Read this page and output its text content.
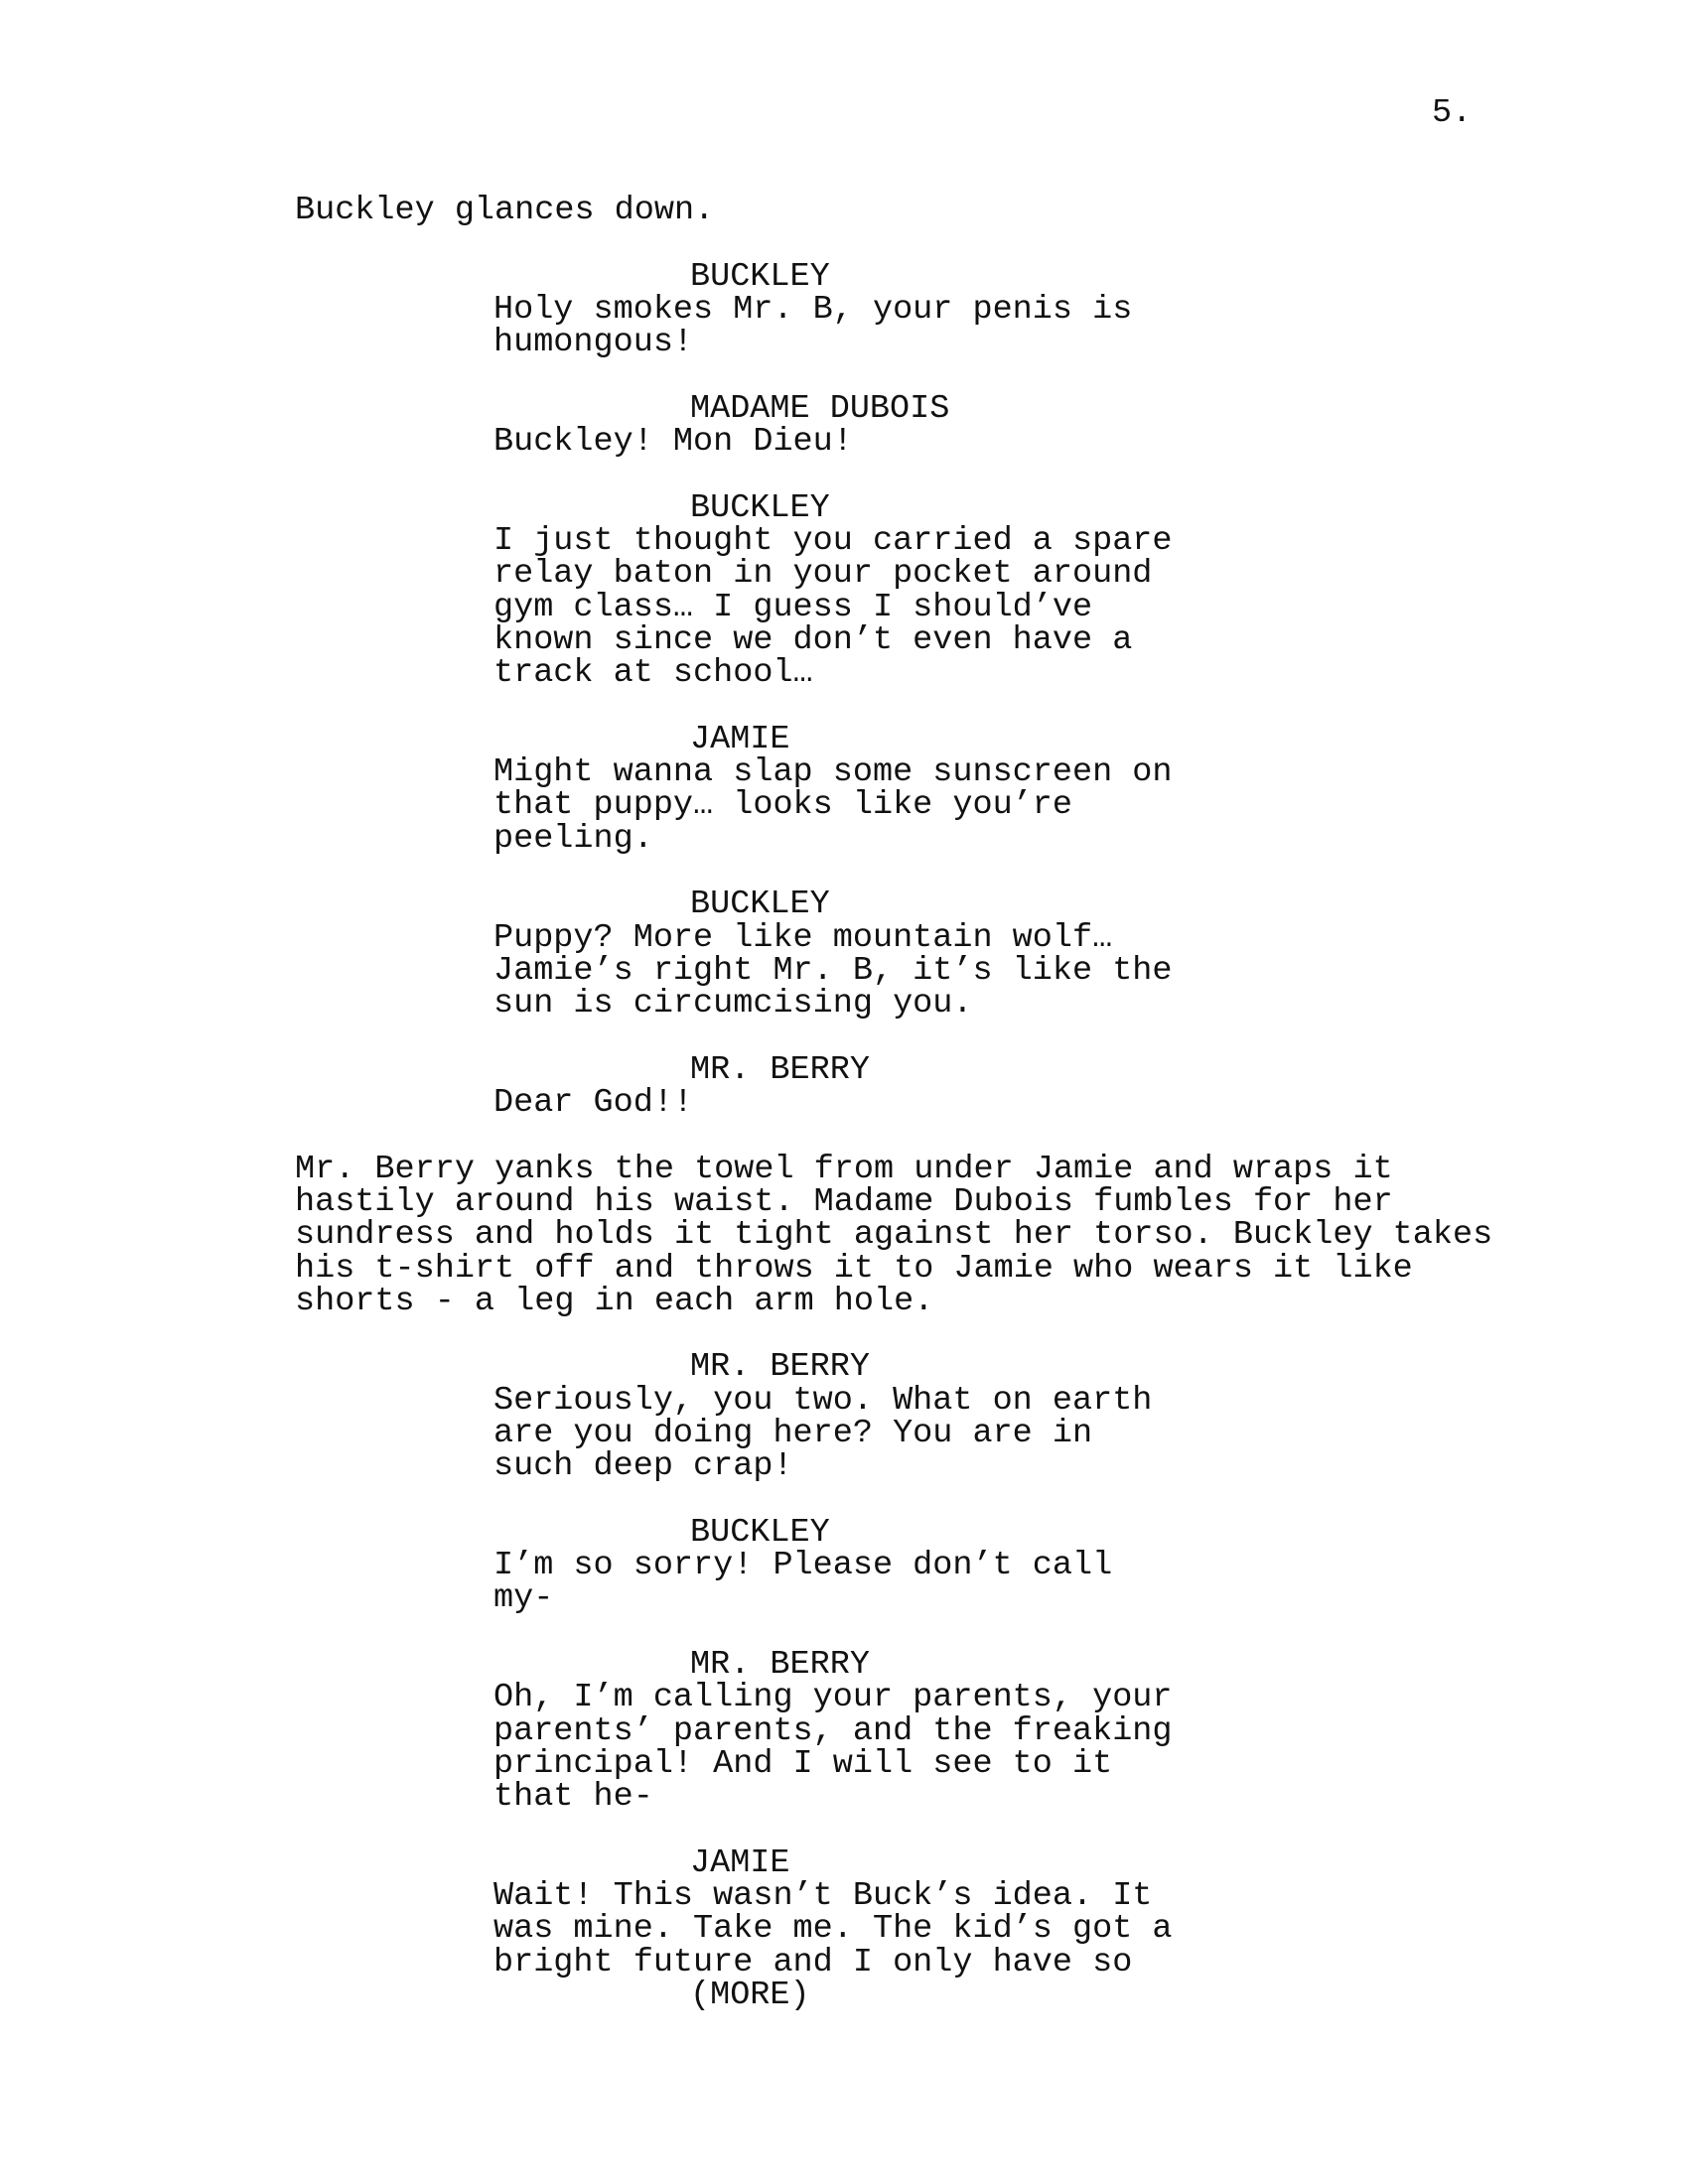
5.
Buckley glances down.
BUCKLEY
Holy smokes Mr. B, your penis is
humongous!
MADAME DUBOIS
Buckley! Mon Dieu!
BUCKLEY
I just thought you carried a spare
relay baton in your pocket around
gym class… I guess I should’ve
known since we don’t even have a
track at school…
JAMIE
Might wanna slap some sunscreen on
that puppy… looks like you’re
peeling.
BUCKLEY
Puppy? More like mountain wolf…
Jamie’s right Mr. B, it’s like the
sun is circumcising you.
MR. BERRY
Dear God!!
Mr. Berry yanks the towel from under Jamie and wraps it
hastily around his waist. Madame Dubois fumbles for her
sundress and holds it tight against her torso. Buckley takes
his t-shirt off and throws it to Jamie who wears it like
shorts - a leg in each arm hole.
MR. BERRY
Seriously, you two. What on earth
are you doing here? You are in
such deep crap!
BUCKLEY
I’m so sorry! Please don’t call
my-
MR. BERRY
Oh, I’m calling your parents, your
parents’ parents, and the freaking
principal! And I will see to it
that he-
JAMIE
Wait! This wasn’t Buck’s idea. It
was mine. Take me. The kid’s got a
bright future and I only have so
(MORE)
